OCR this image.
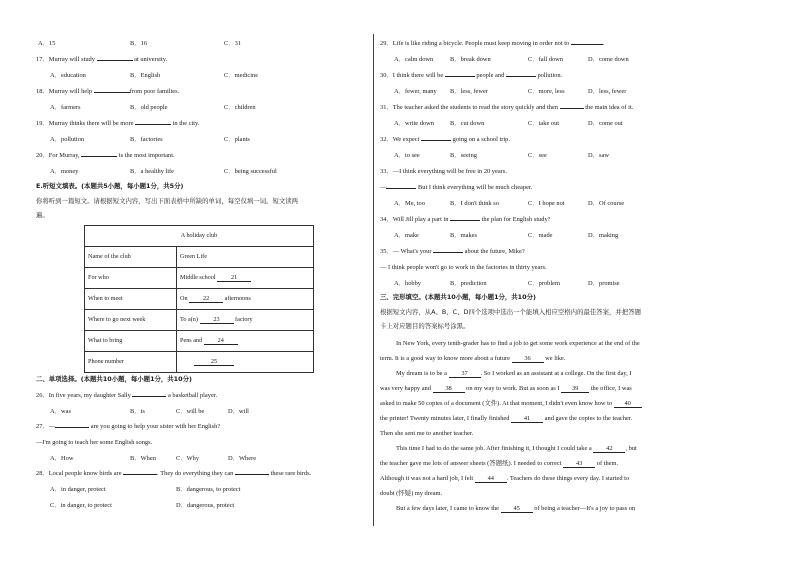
A．15	B．16	C．31
17．Murray will study	at university.
A．education	B．English	C．medicine
18．Murray will help	from poor families.
A．farmers	B．old people	C．children
19．Murray thinks there will be more	in the city.
A．pollution	B．factories	C．plants
20．For Murray,	is the most important.
A．money	B．a healthy life	C．being successful
E.听短文填表。(本题共5小题，每小题1分，共5分)
你将听到一篇短文。请根据短文内容，写出下面表格中所缺的单词，每空仅填一词。短文读两
遍。
A holiday club	
Name of the club	Green Life
For who	Middle school 21
When to meet	On 22 afternoons
Where to go next week	To a(n) 23 factory
What to bring	Pens and 24
Phone number	25
二、单项选择。(本题共10小题，每小题1分，共10分)
26．In five years, my daughter Sally	a basketball player.
A．was	B．is	C．will be	D．will
27．—	are you going to help your sister with her English?
—I'm going to teach her some English songs.
A．How	B．When	C．Why	D．Where
28．Local people know birds are	. They do everything they can	these rare birds.
A．in danger, protect	B．dangerous, to protect
C．in danger, to protect	D．dangerous, protect
29．Life is like riding a bicycle. People must keep moving in order not to	.
A．calm down	B．break down	C．fall down	D．come down
30．I think there will be	people and	pollution.
A．fewer, many B．less, fewer	C．more, less	D．less, fewer
31．The teacher asked the students to read the story quickly and then	the main idea of it.
A．write down	B．cut down	C．take out	D．come out
32．We expect	going on a school trip.
A．to see	B．seeing	C．see	D．saw
33．—I think everything will be free in 20 years.
—	But I think everything will be much cheaper.
A．Me, too	B．I don't think so	C．I hope not	D．Of course
34．Will Jill play a part in	the plan for English study?
A．make	B．makes	C．made	D．making
35．— What's your	about the future, Mike?
— I think people won't go to work in the factories in thirty years.
A．hobby	B．prediction	C．problem	D．promise
三、完形填空。(本题共10小题，每小题1分，共10分)
根据短文内容，从A、B、C、D四个选项中选出一个能填入相应空格内的最佳答案，并把答题
卡上对应题目的答案标号涂黑。
In New York, every tenth-grader has to find a job to get some work experience at the end of the
term. It is a good way to know more about a future 36 we like.
My dream is to be a 37 . So I worked as an assistant at a college. On the first day, I
was very happy and 38 on my way to work. But as soon as I 39 the office, I was
asked to make 50 copies of a document (文件). At that moment, I didn't even know how to 40
the printer! Twenty minutes later, I finally finished 41 and gave the copies to the teacher.
Then she sent me to another teacher.
This time I had to do the same job. After finishing it, I thought I could take a 42 , but
the teacher gave me lots of answer sheets (答题纸). I needed to correct 43 of them.
Although it was not a hard job, I felt 44 . Teachers do these things every day. I started to
doubt (怀疑) my dream.
But a few days later, I came to know the 45 of being a teacher—It's a joy to pass on
